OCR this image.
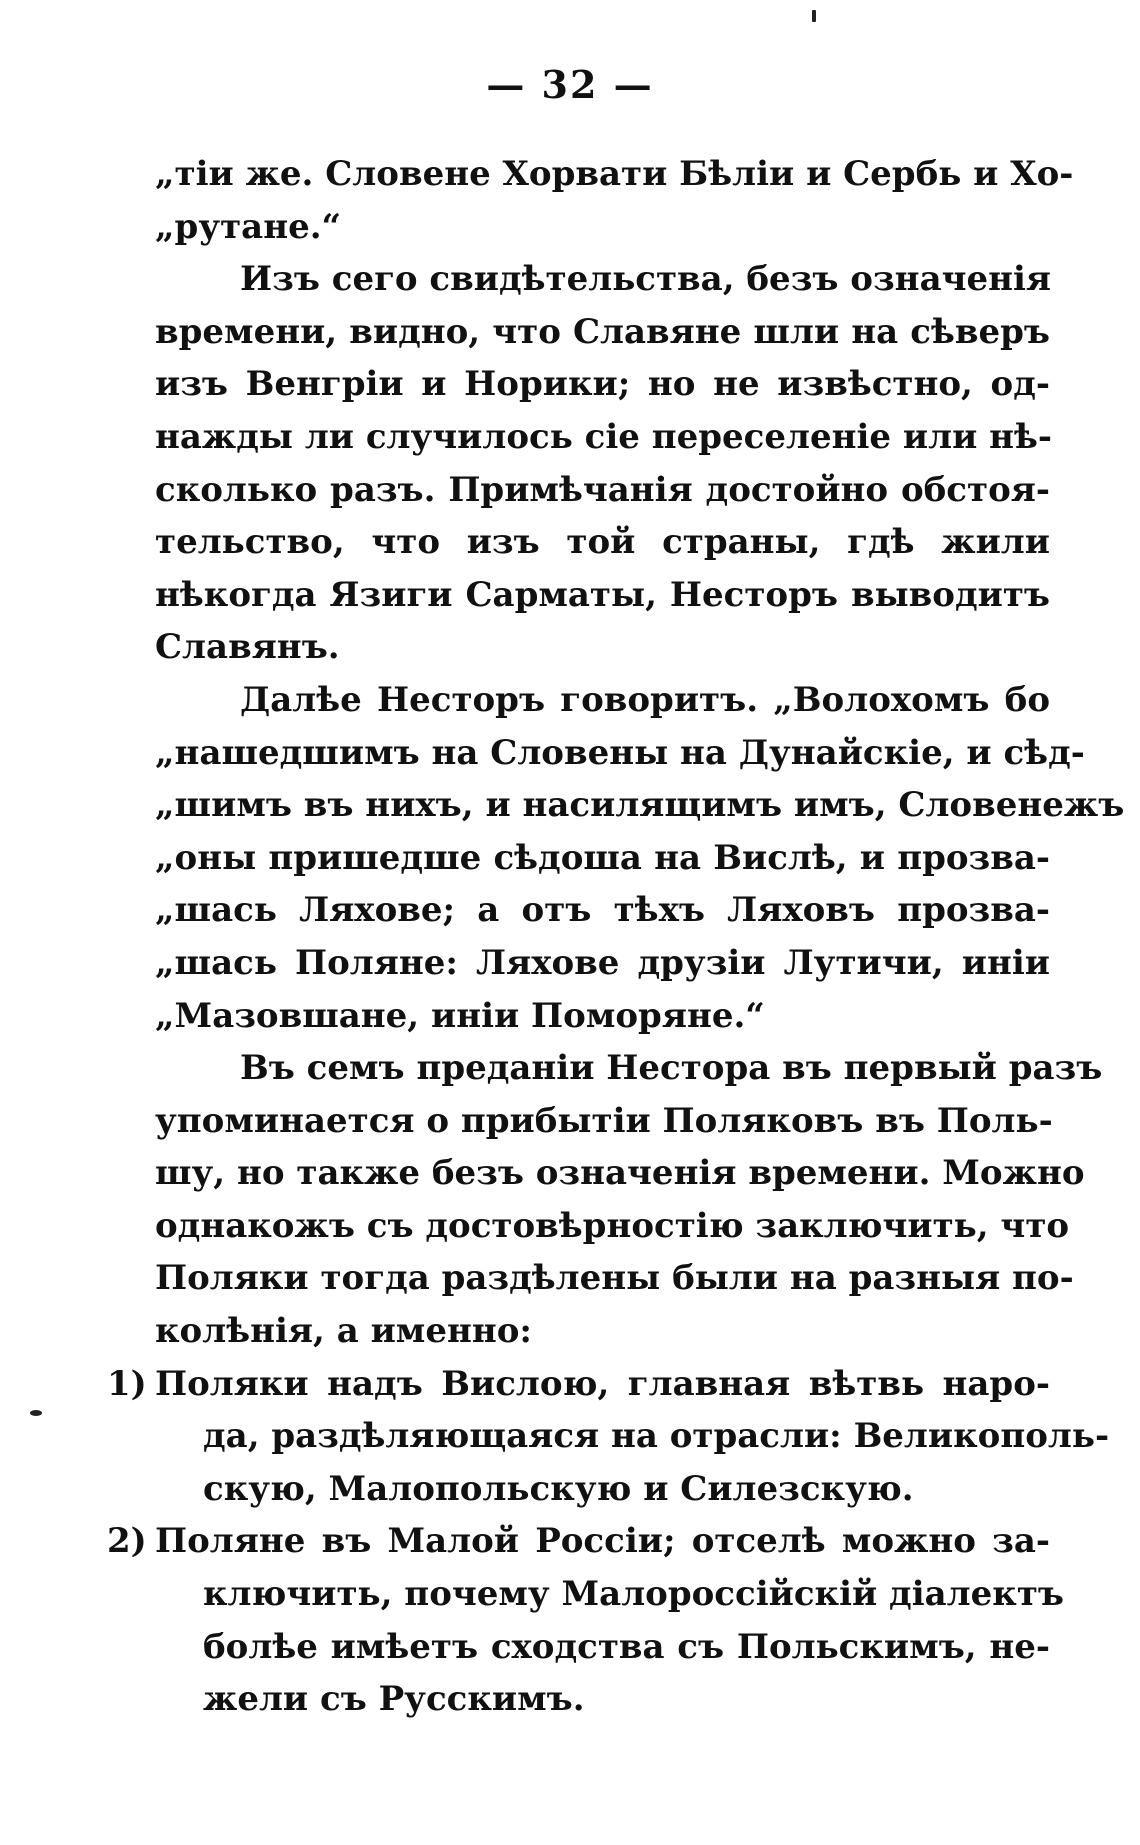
— 32 —
„тіи же. Словене Хорвати Бѣліи и Сербь и Хо-
„рутане.“
Изъ сего свидѣтельства, безъ означенія
времени, видно, что Славяне шли на сѣверъ
изъ Венгріи и Норики; но не извѣстно, од-
нажды ли случилось сіе переселеніе или нѣ-
сколько разъ. Примѣчанія достойно обстоя-
тельство, что изъ той страны, гдѣ жили
нѣкогда Язиги Сарматы, Несторъ выводитъ
Славянъ.
Далѣе Несторъ говоритъ. „Волохомъ бо
„нашедшимъ на Словены на Дунайскіе, и сѣд-
„шимъ въ нихъ, и насилящимъ имъ, Словенежъ
„оны пришедше сѣдоша на Вислѣ, и прозва-
„шась Ляхове; а отъ тѣхъ Ляховъ прозва-
„шась Поляне: Ляхове друзіи Лутичи, иніи
„Мазовшане, иніи Поморяне.“
Въ семъ преданіи Нестора въ первый разъ
упоминается о прибытіи Поляковъ въ Поль-
шу, но также безъ означенія времени. Можно
однакожъ съ достовѣрностію заключить, что
Поляки тогда раздѣлены были на разныя по-
колѣнія, а именно:
1) Поляки надъ Вислою, главная вѣтвь наро-
да, раздѣляющаяся на отрасли: Великополь-
скую, Малопольскую и Силезскую.
2) Поляне въ Малой Россіи; отселѣ можно за-
ключить, почему Малороссійскій діалектъ
болѣе имѣетъ сходства съ Польскимъ, не-
жели съ Русскимъ.
